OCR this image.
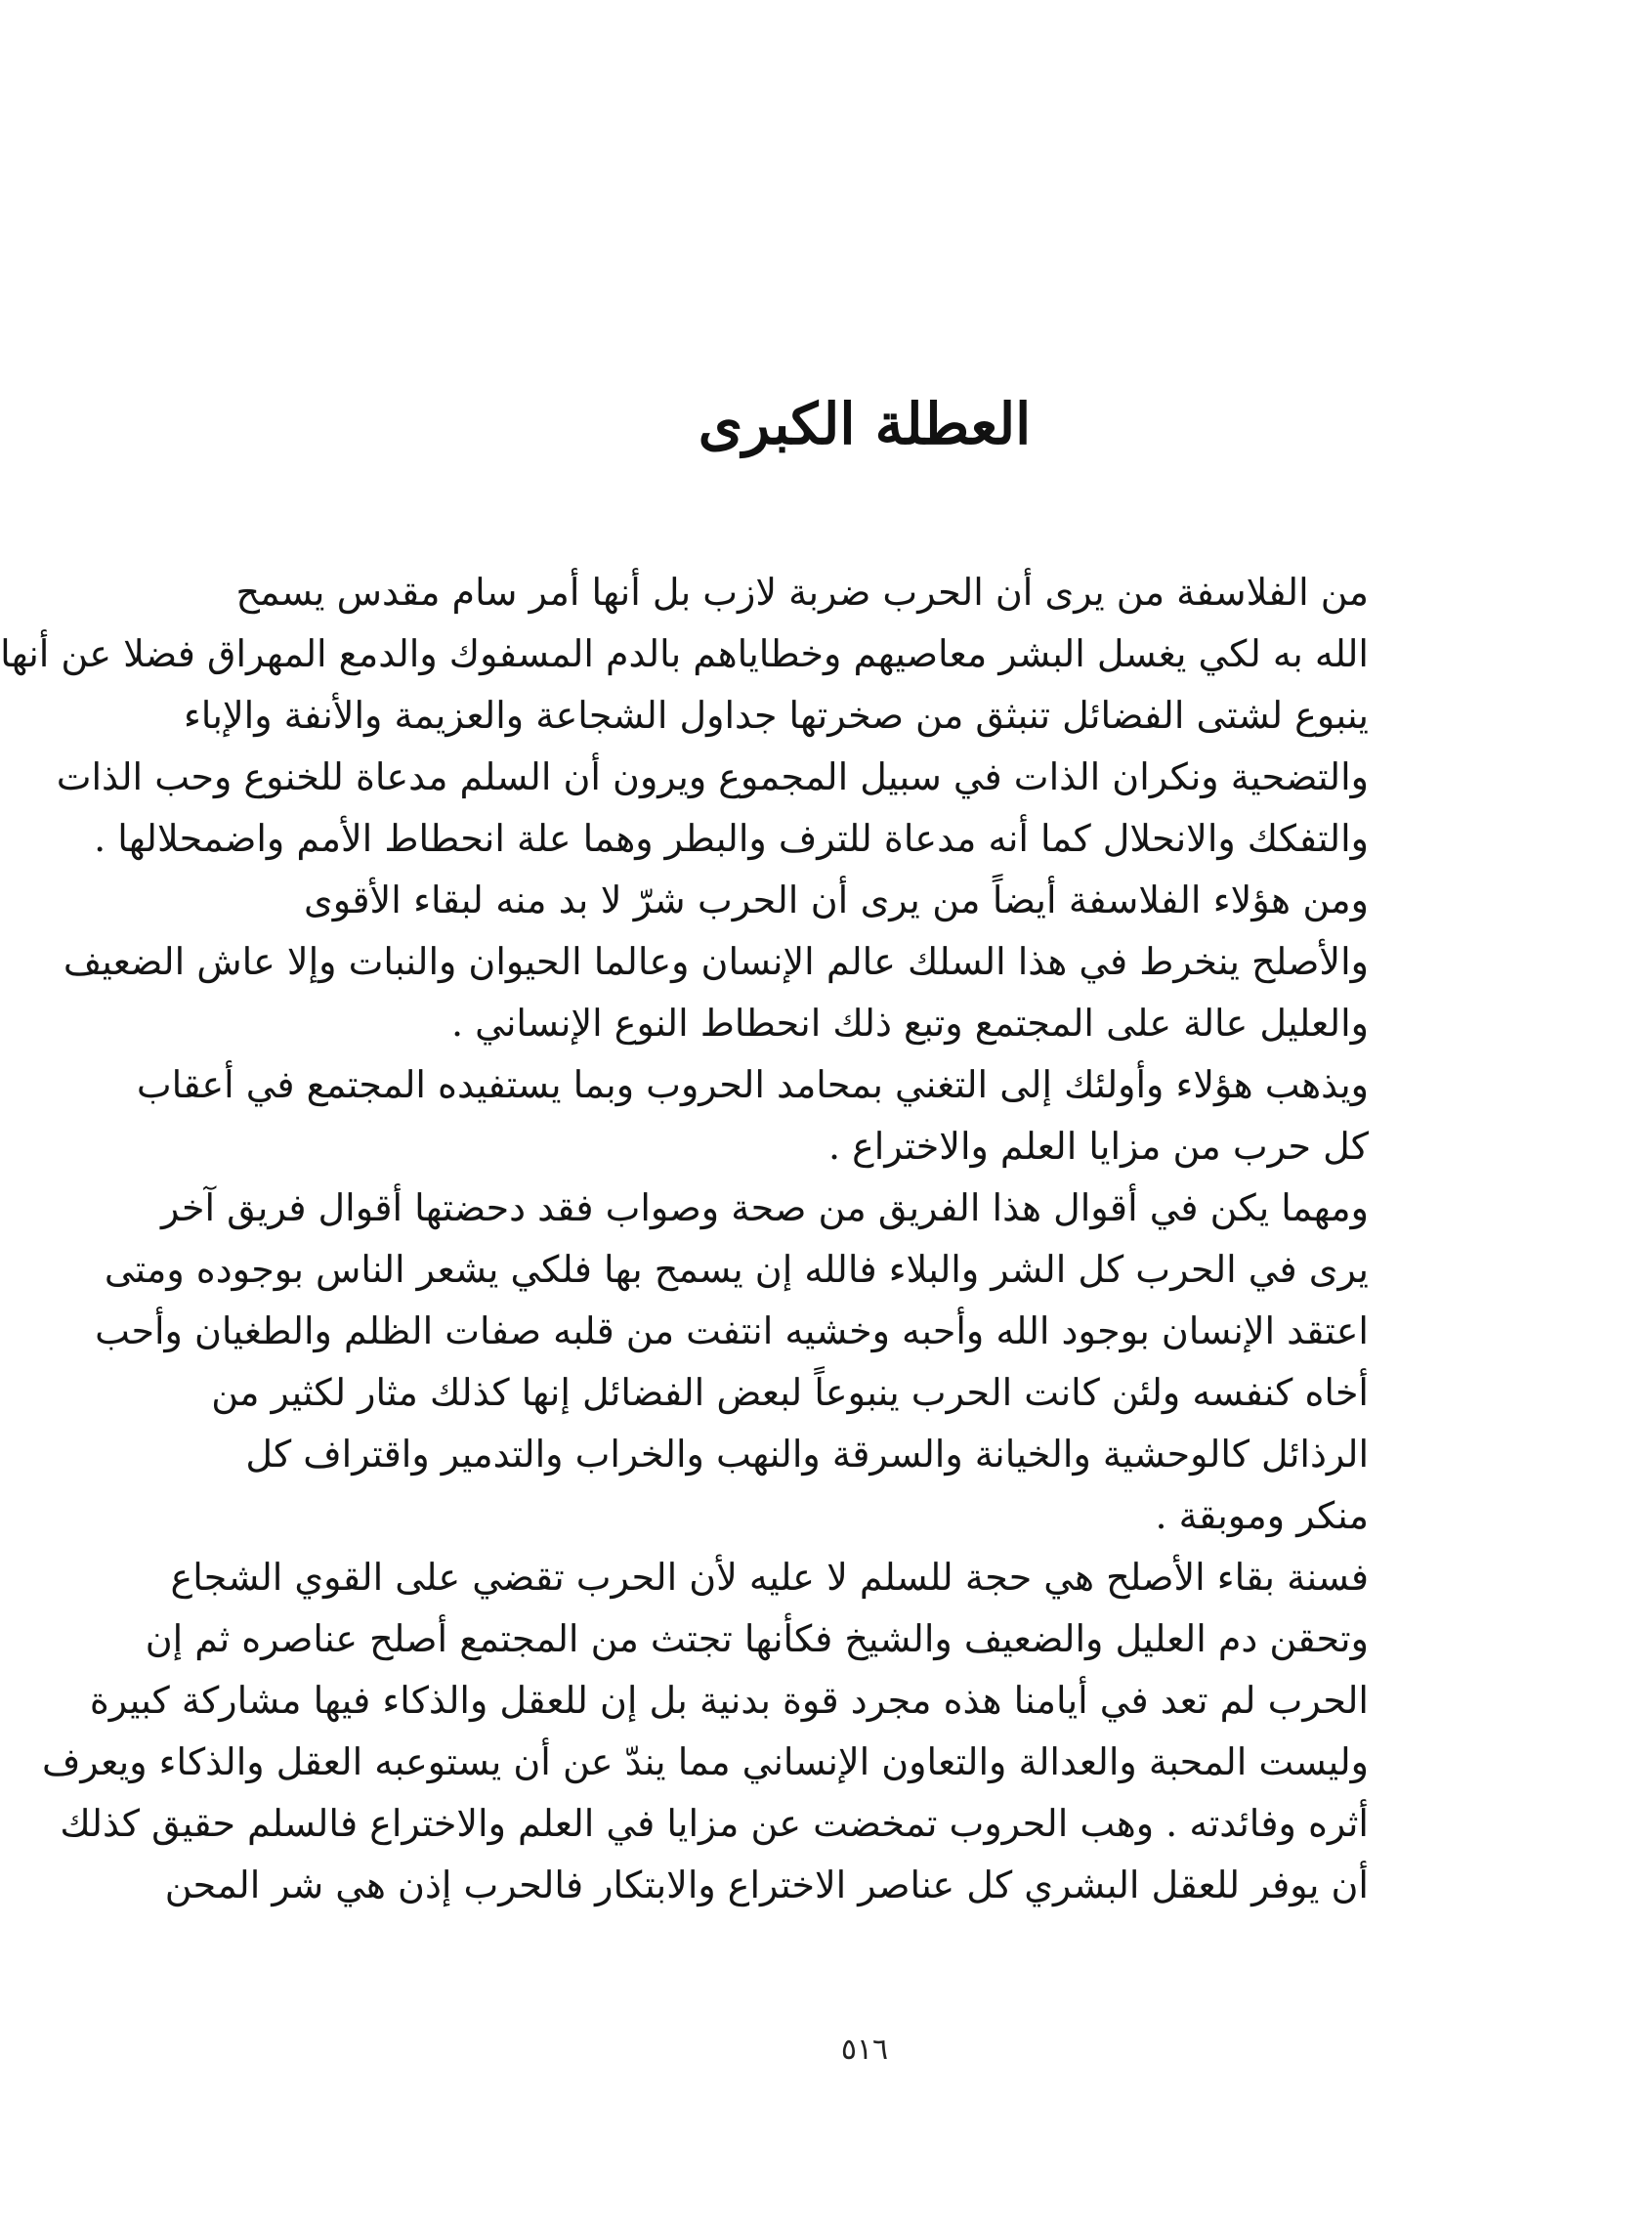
العطلة الكبرى

من الفلاسفة من يرى أن الحرب ضربة لازب بل أنها أمر سام مقدس يسمح
الله به لكي يغسل البشر معاصيهم وخطاياهم بالدم المسفوك والدمع المهراق فضلا عن أنها
ينبوع لشتى الفضائل تنبثق من صخرتها جداول الشجاعة والعزيمة والأنفة والإباء
والتضحية ونكران الذات في سبيل المجموع ويرون أن السلم مدعاة للخنوع وحب الذات
والتفكك والانحلال كما أنه مدعاة للترف والبطر وهما علة انحطاط الأمم واضمحلالها .

ومن هؤلاء الفلاسفة أيضاً من يرى أن الحرب شرّ لا بد منه لبقاء الأقوى
والأصلح ينخرط في هذا السلك عالم الإنسان وعالما الحيوان والنبات وإلا عاش الضعيف
والعليل عالة على المجتمع وتبع ذلك انحطاط النوع الإنساني .

ويذهب هؤلاء وأولئك إلى التغني بمحامد الحروب وبما يستفيده المجتمع في أعقاب
كل حرب من مزايا العلم والاختراع .

ومهما يكن في أقوال هذا الفريق من صحة وصواب فقد دحضتها أقوال فريق آخر
يرى في الحرب كل الشر والبلاء فالله إن يسمح بها فلكي يشعر الناس بوجوده ومتى
اعتقد الإنسان بوجود الله وأحبه وخشيه انتفت من قلبه صفات الظلم والطغيان وأحب
أخاه كنفسه ولئن كانت الحرب ينبوعاً لبعض الفضائل إنها كذلك مثار لكثير من
الرذائل كالوحشية والخيانة والسرقة والنهب والخراب والتدمير واقتراف كل
منكر وموبقة .

فسنة بقاء الأصلح هي حجة للسلم لا عليه لأن الحرب تقضي على القوي الشجاع
وتحقن دم العليل والضعيف والشيخ فكأنها تجتث من المجتمع أصلح عناصره ثم إن
الحرب لم تعد في أيامنا هذه مجرد قوة بدنية بل إن للعقل والذكاء فيها مشاركة كبيرة
وليست المحبة والعدالة والتعاون الإنساني مما يندّ عن أن يستوعبه العقل والذكاء ويعرف
أثره وفائدته . وهب الحروب تمخضت عن مزايا في العلم والاختراع فالسلم حقيق كذلك
أن يوفر للعقل البشري كل عناصر الاختراع والابتكار فالحرب إذن هي شر المحن

٥١٦
